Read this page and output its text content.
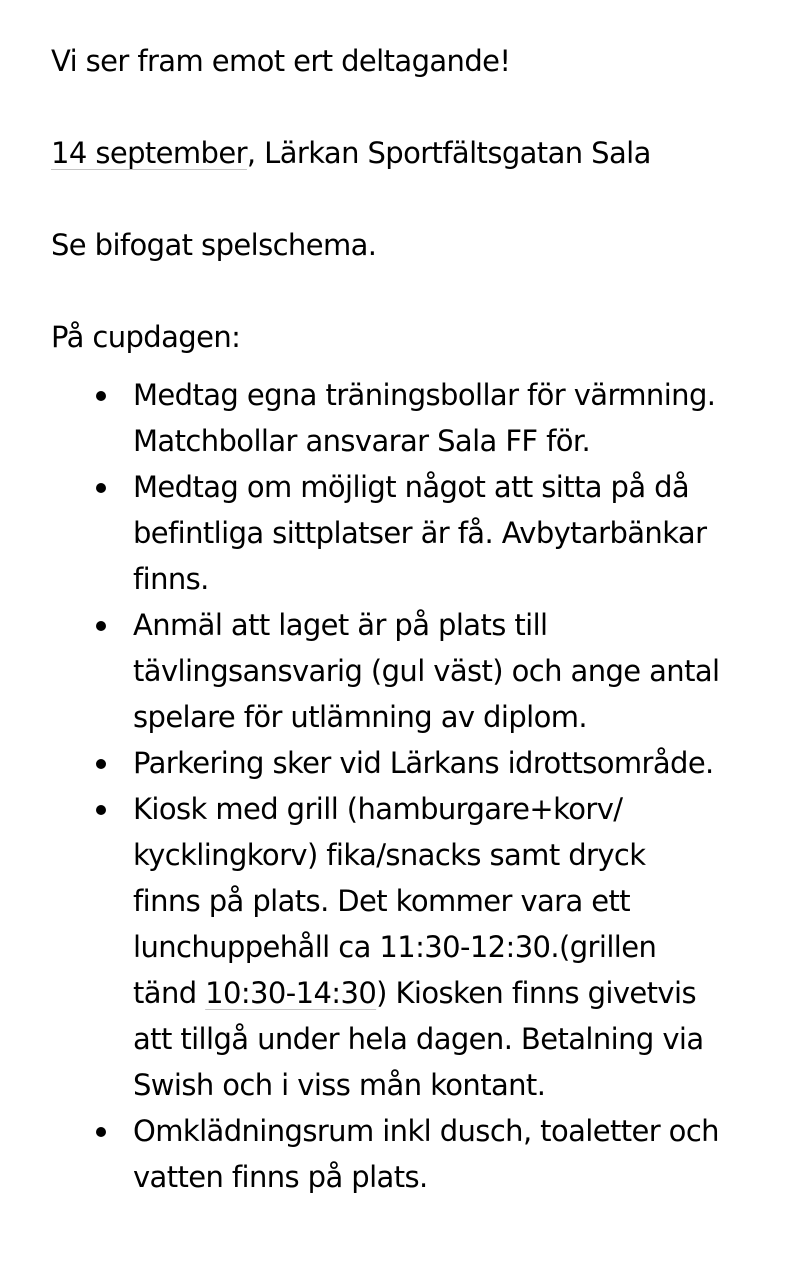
Vi ser fram emot ert deltagande!

14 september, Lärkan Sportfältsgatan Sala

Se bifogat spelschema.

På cupdagen:

Medtag egna träningsbollar för värmning.
Matchbollar ansvarar Sala FF för.
Medtag om möjligt något att sitta på då
befintliga sittplatser är få. Avbytarbänkar
finns.
Anmäl att laget är på plats till
tävlingsansvarig (gul väst) och ange antal
spelare för utlämning av diplom.
Parkering sker vid Lärkans idrottsområde.
Kiosk med grill (hamburgare+korv/
kycklingkorv) fika/snacks samt dryck
finns på plats. Det kommer vara ett
lunchuppehåll ca 11:30-12:30.(grillen
tänd 10:30-14:30) Kiosken finns givetvis
att tillgå under hela dagen. Betalning via
Swish och i viss mån kontant.
Omklädningsrum inkl dusch, toaletter och
vatten finns på plats.
